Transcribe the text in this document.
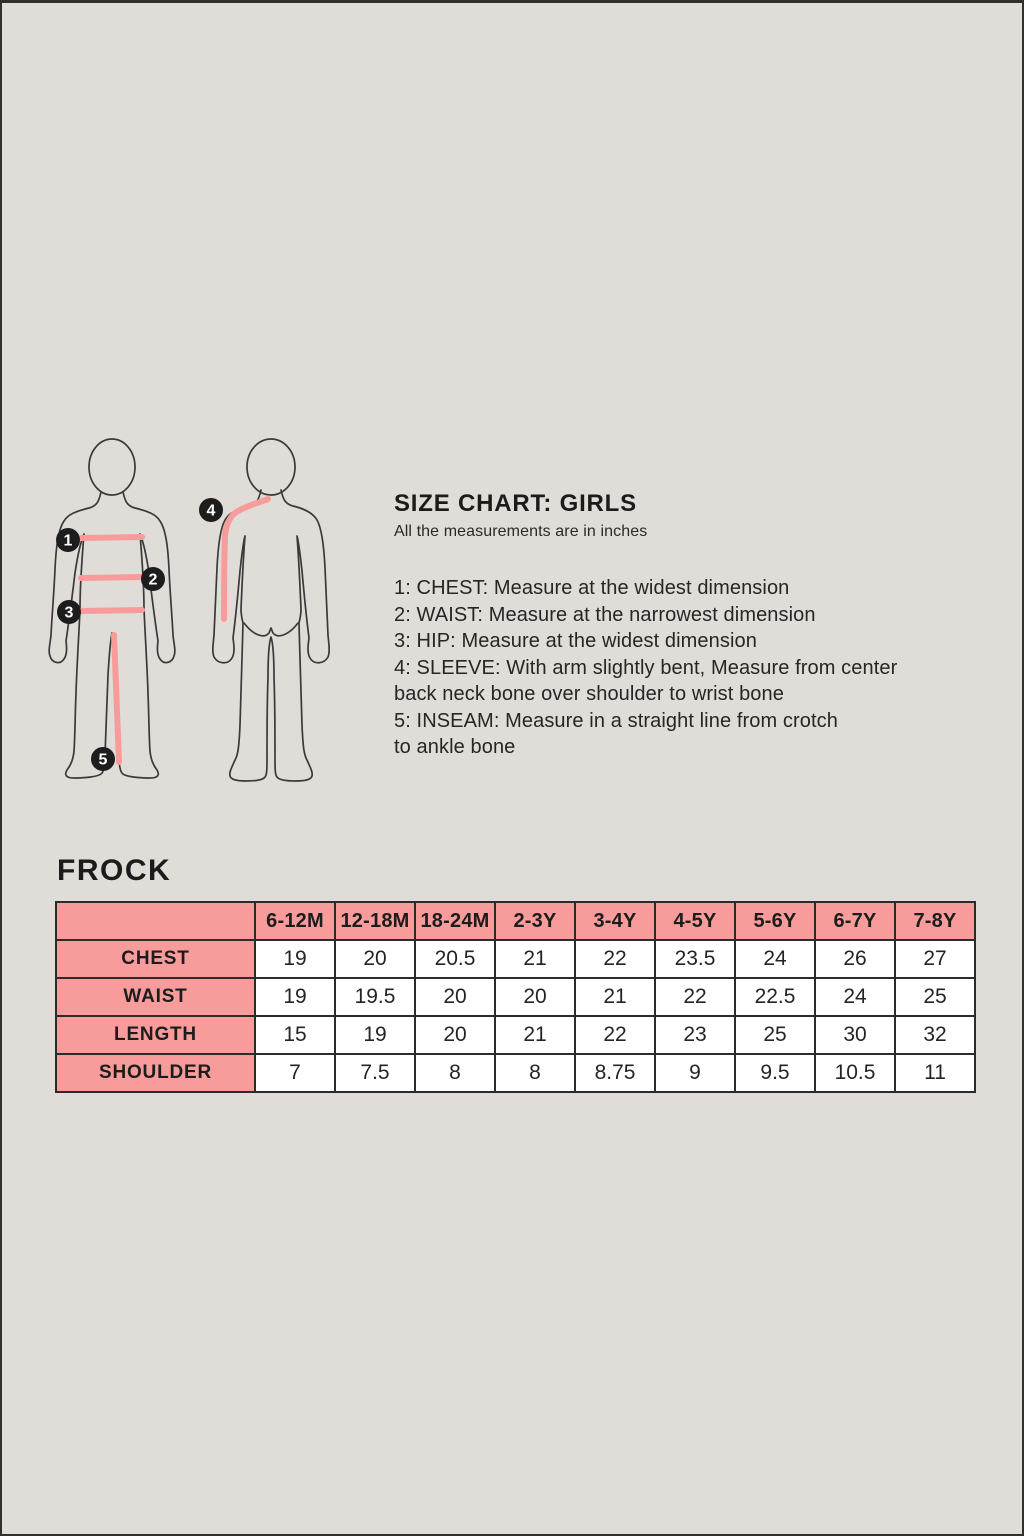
1
2
3
4
5
SIZE CHART: GIRLS
All the measurements are in inches
1: CHEST: Measure at the widest dimension
2: WAIST: Measure at the narrowest dimension
3: HIP: Measure at the widest dimension
4: SLEEVE: With arm slightly bent, Measure from center
back neck bone over shoulder to wrist bone
5: INSEAM: Measure in a straight line from crotch
to ankle bone
FROCK
	6-12M	12-18M	18-24M	2-3Y	3-4Y	4-5Y	5-6Y	6-7Y	7-8Y
CHEST	19	20	20.5	21	22	23.5	24	26	27
WAIST	19	19.5	20	20	21	22	22.5	24	25
LENGTH	15	19	20	21	22	23	25	30	32
SHOULDER	7	7.5	8	8	8.75	9	9.5	10.5	11
